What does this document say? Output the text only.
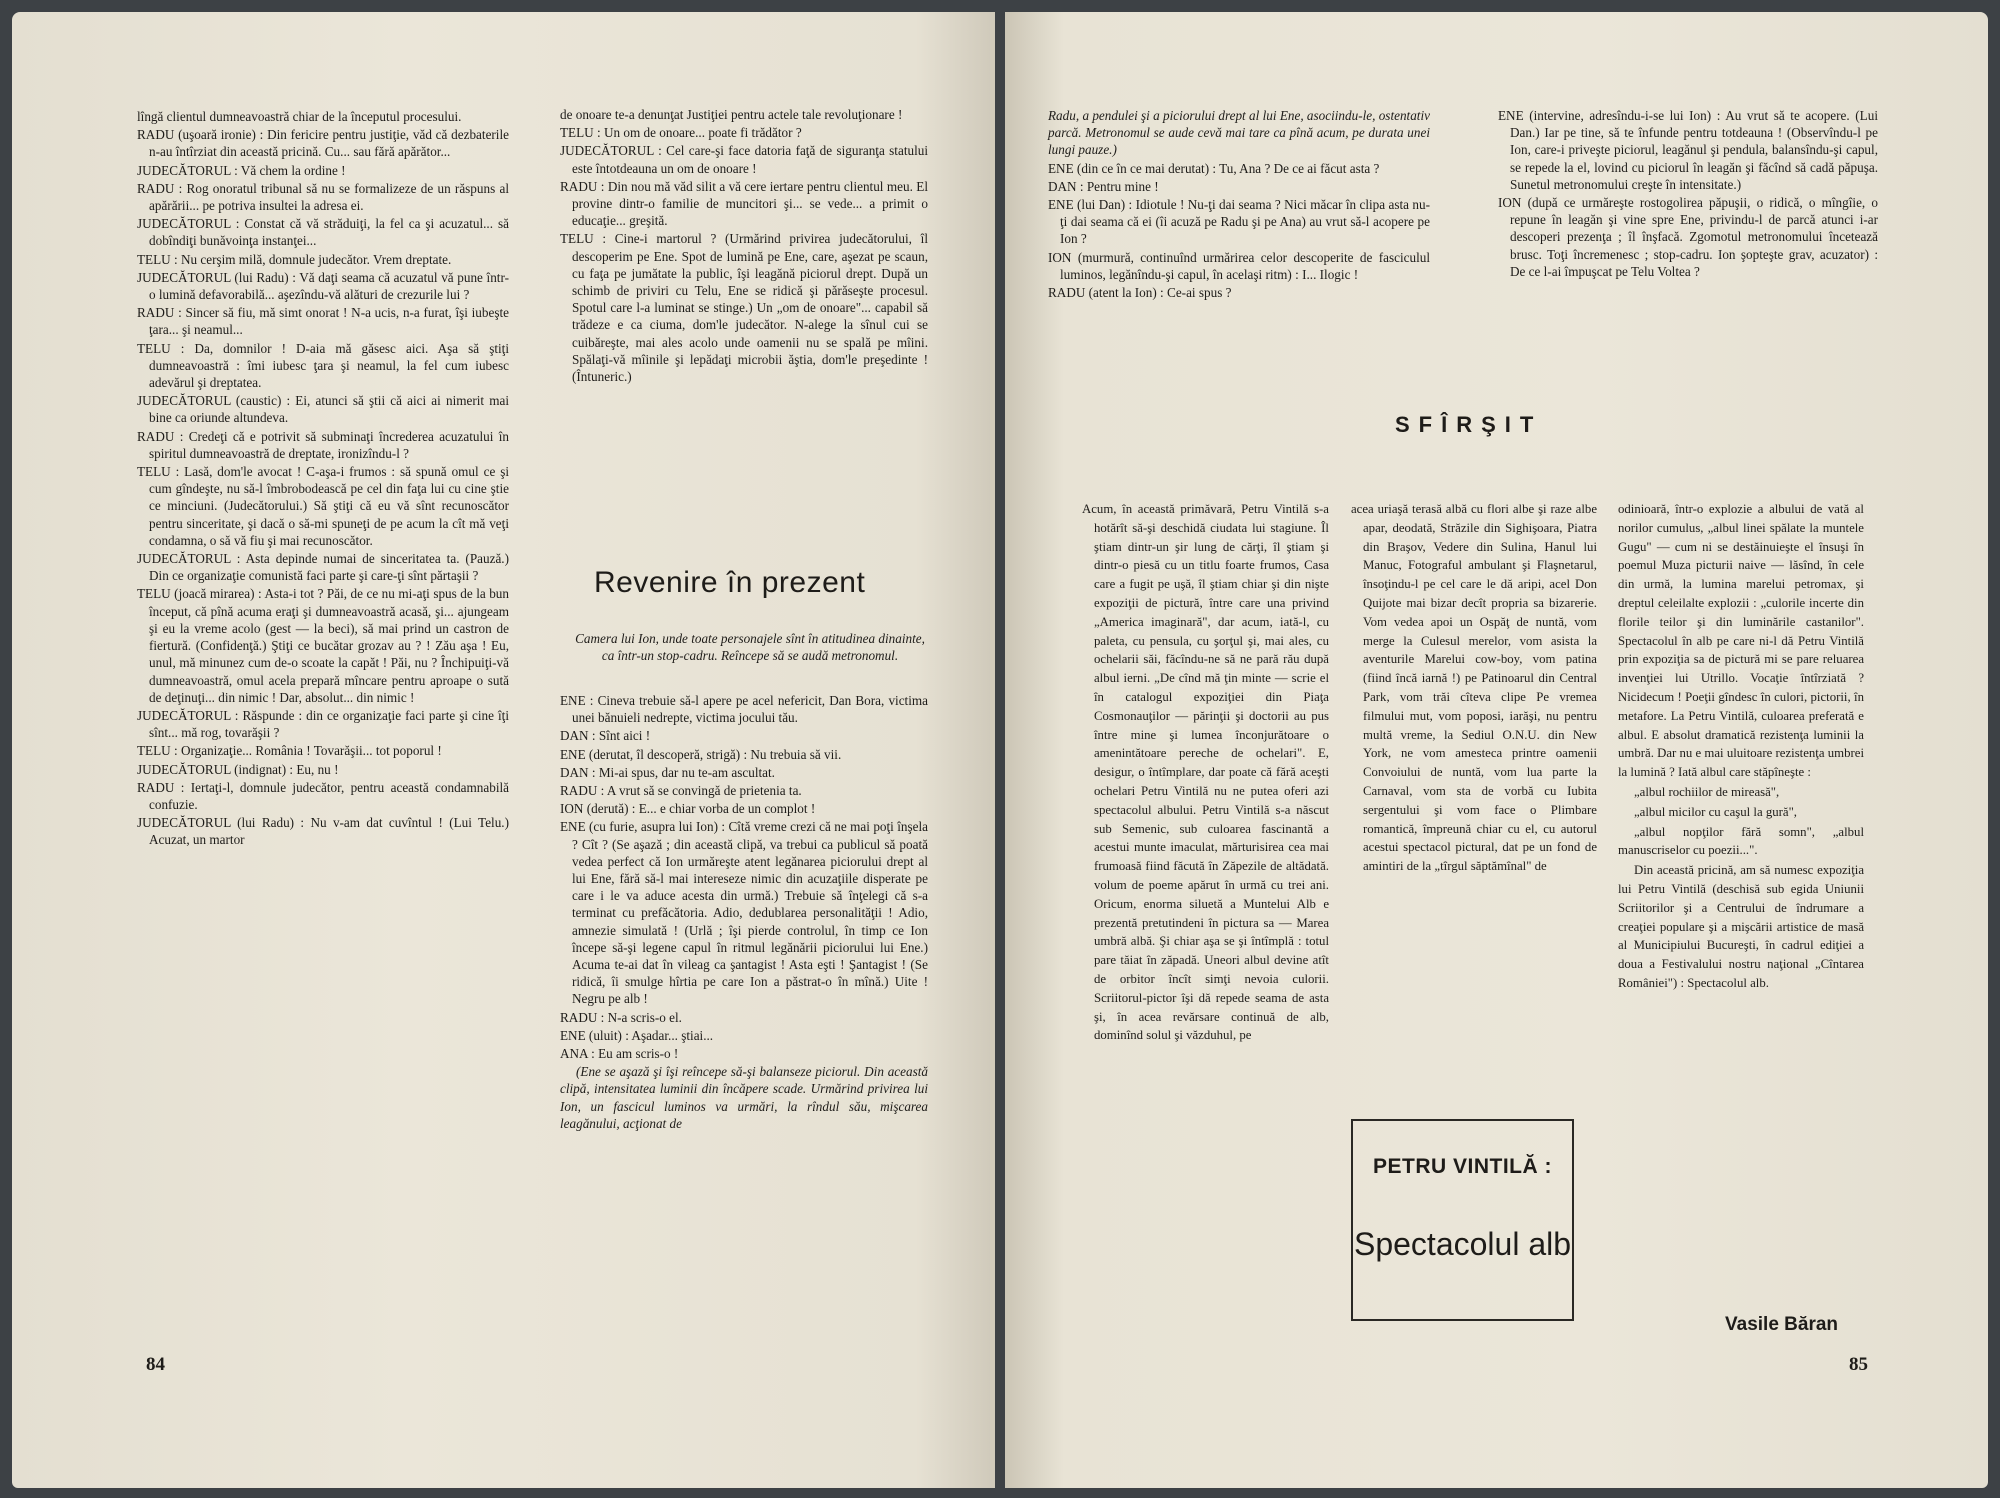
lîngă clientul dumneavoastră chiar de la începutul procesului.

RADU (uşoară ironie) : Din fericire pentru justiţie, văd că dezbaterile n-au întîrziat din această pricină. Cu... sau fără apărător...

JUDECĂTORUL : Vă chem la ordine !

RADU : Rog onoratul tribunal să nu se formalizeze de un răspuns al apărării... pe potriva insultei la adresa ei.

JUDECĂTORUL : Constat că vă străduiţi, la fel ca şi acuzatul... să dobîndiţi bunăvoinţa instanţei...

TELU : Nu cerşim milă, domnule judecător. Vrem dreptate.

JUDECĂTORUL (lui Radu) : Vă daţi seama că acuzatul vă pune într-o lumină defavorabilă... aşezîndu-vă alături de crezurile lui ?

RADU : Sincer să fiu, mă simt onorat ! N-a ucis, n-a furat, îşi iubeşte ţara... şi neamul...

TELU : Da, domnilor ! D-aia mă găsesc aici. Aşa să ştiţi dumneavoastră : îmi iubesc ţara şi neamul, la fel cum iubesc adevărul şi dreptatea.

JUDECĂTORUL (caustic) : Ei, atunci să ştii că aici ai nimerit mai bine ca oriunde altundeva.

RADU : Credeţi că e potrivit să subminaţi încrederea acuzatului în spiritul dumneavoastră de dreptate, ironizîndu-l ?

TELU : Lasă, dom'le avocat ! C-aşa-i frumos : să spună omul ce şi cum gîndeşte, nu să-l îmbrobodească pe cel din faţa lui cu cine ştie ce minciuni. (Judecătorului.) Să ştiţi că eu vă sînt recunoscător pentru sinceritate, şi dacă o să-mi spuneţi de pe acum la cît mă veţi condamna, o să vă fiu şi mai recunoscător.

JUDECĂTORUL : Asta depinde numai de sinceritatea ta. (Pauză.) Din ce organizaţie comunistă faci parte şi care-ţi sînt părtaşii ?

TELU (joacă mirarea) : Asta-i tot ? Păi, de ce nu mi-aţi spus de la bun început, că pînă acuma eraţi şi dumneavoastră acasă, şi... ajungeam şi eu la vreme acolo (gest — la beci), să mai prind un castron de fiertură. (Confidenţă.) Ştiţi ce bucătar grozav au ? ! Zău aşa ! Eu, unul, mă minunez cum de-o scoate la capăt ! Păi, nu ? Închipuiţi-vă dumneavoastră, omul acela prepară mîncare pentru aproape o sută de deţinuţi... din nimic ! Dar, absolut... din nimic !

JUDECĂTORUL : Răspunde : din ce organizaţie faci parte şi cine îţi sînt... mă rog, tovarăşii ?

TELU : Organizaţie... România ! Tovarăşii... tot poporul !

JUDECĂTORUL (indignat) : Eu, nu !

RADU : Iertaţi-l, domnule judecător, pentru această condamnabilă confuzie.

JUDECĂTORUL (lui Radu) : Nu v-am dat cuvîntul ! (Lui Telu.) Acuzat, un martor

de onoare te-a denunţat Justiţiei pentru actele tale revoluţionare !

TELU : Un om de onoare... poate fi trădător ?

JUDECĂTORUL : Cel care-şi face datoria faţă de siguranţa statului este întotdeauna un om de onoare !

RADU : Din nou mă văd silit a vă cere iertare pentru clientul meu. El provine dintr-o familie de muncitori şi... se vede... a primit o educaţie... greşită.

TELU : Cine-i martorul ? (Urmărind privirea judecătorului, îl descoperim pe Ene. Spot de lumină pe Ene, care, aşezat pe scaun, cu faţa pe jumătate la public, îşi leagănă piciorul drept. După un schimb de priviri cu Telu, Ene se ridică şi părăseşte procesul. Spotul care l-a luminat se stinge.) Un „om de onoare"... capabil să trădeze e ca ciuma, dom'le judecător. N-alege la sînul cui se cuibăreşte, mai ales acolo unde oamenii nu se spală pe mîini. Spălaţi-vă mîinile şi lepădaţi microbii ăştia, dom'le preşedinte ! (Întuneric.)

Revenire în prezent
Camera lui Ion, unde toate personajele sînt în atitudinea dinainte, ca într-un stop-cadru. Reîncepe să se audă metronomul.

ENE : Cineva trebuie să-l apere pe acel nefericit, Dan Bora, victima unei bănuieli nedrepte, victima jocului tău.

DAN : Sînt aici !

ENE (derutat, îl descoperă, strigă) : Nu trebuia să vii.

DAN : Mi-ai spus, dar nu te-am ascultat.

RADU : A vrut să se convingă de prietenia ta.

ION (derută) : E... e chiar vorba de un complot !

ENE (cu furie, asupra lui Ion) : Cîtă vreme crezi că ne mai poţi înşela ? Cît ? (Se aşază ; din această clipă, va trebui ca publicul să poată vedea perfect că Ion urmăreşte atent legănarea piciorului drept al lui Ene, fără să-l mai intereseze nimic din acuzaţiile disperate pe care i le va aduce acesta din urmă.) Trebuie să înţelegi că s-a terminat cu prefăcătoria. Adio, dedublarea personalităţii ! Adio, amnezie simulată ! (Urlă ; îşi pierde controlul, în timp ce Ion începe să-şi legene capul în ritmul legănării piciorului lui Ene.) Acuma te-ai dat în vileag ca şantagist ! Asta eşti ! Şantagist ! (Se ridică, îi smulge hîrtia pe care Ion a păstrat-o în mînă.) Uite ! Negru pe alb !

RADU : N-a scris-o el.

ENE (uluit) : Aşadar... ştiai...

ANA : Eu am scris-o !

(Ene se aşază şi îşi reîncepe să-şi balanseze piciorul. Din această clipă, intensitatea luminii din încăpere scade. Urmărind privirea lui Ion, un fascicul luminos va urmări, la rîndul său, mişcarea leagănului, acţionat de

84

Radu, a pendulei şi a piciorului drept al lui Ene, asociindu-le, ostentativ parcă. Metronomul se aude cevă mai tare ca pînă acum, pe durata unei lungi pauze.)

ENE (din ce în ce mai derutat) : Tu, Ana ? De ce ai făcut asta ?

DAN : Pentru mine !

ENE (lui Dan) : Idiotule ! Nu-ţi dai seama ? Nici măcar în clipa asta nu-ţi dai seama că ei (îi acuză pe Radu şi pe Ana) au vrut să-l acopere pe Ion ?

ION (murmură, continuînd urmărirea celor descoperite de fasciculul luminos, legănîndu-şi capul, în acelaşi ritm) : I... Ilogic !

RADU (atent la Ion) : Ce-ai spus ?

ENE (intervine, adresîndu-i-se lui Ion) : Au vrut să te acopere. (Lui Dan.) Iar pe tine, să te înfunde pentru totdeauna ! (Observîndu-l pe Ion, care-i priveşte piciorul, leagănul şi pendula, balansîndu-şi capul, se repede la el, lovind cu piciorul în leagăn şi făcînd să cadă păpuşa. Sunetul metronomului creşte în intensitate.)

ION (după ce urmăreşte rostogolirea păpuşii, o ridică, o mîngîie, o repune în leagăn şi vine spre Ene, privindu-l de parcă atunci i-ar descoperi prezenţa ; îl înşfacă. Zgomotul metronomului încetează brusc. Toţi încremenesc ; stop-cadru. Ion şopteşte grav, acuzator) : De ce l-ai împuşcat pe Telu Voltea ?

SFÎRŞIT

Acum, în această primăvară, Petru Vintilă s-a hotărît să-şi deschidă ciudata lui stagiune. Îl ştiam dintr-un şir lung de cărţi, îl ştiam şi dintr-o piesă cu un titlu foarte frumos, Casa care a fugit pe uşă, îl ştiam chiar şi din nişte expoziţii de pictură, între care una privind „America imaginară", dar acum, iată-l, cu paleta, cu pensula, cu şorţul şi, mai ales, cu ochelarii săi, făcîndu-ne să ne pară rău după albul ierni. „De cînd mă ţin minte — scrie el în catalogul expoziţiei din Piaţa Cosmonauţilor — părinţii şi doctorii au pus între mine şi lumea înconjurătoare o amenintătoare pereche de ochelari". E, desigur, o întîmplare, dar poate că fără aceşti ochelari Petru Vintilă nu ne putea oferi azi spectacolul albului. Petru Vintilă s-a născut sub Semenic, sub culoarea fascinantă a acestui munte imaculat, mărturisirea cea mai frumoasă fiind făcută în Zăpezile de altădată. volum de poeme apărut în urmă cu trei ani. Oricum, enorma siluetă a Muntelui Alb e prezentă pretutindeni în pictura sa — Marea umbră albă. Şi chiar aşa se şi întîmplă : totul pare tăiat în zăpadă. Uneori albul devine atît de orbitor încît simţi nevoia culorii. Scriitorul-pictor îşi dă repede seama de asta şi, în acea revărsare continuă de alb, dominînd solul şi văzduhul, pe

acea uriaşă terasă albă cu flori albe şi raze albe apar, deodată, Străzile din Sighişoara, Piatra din Braşov, Vedere din Sulina, Hanul lui Manuc, Fotograful ambulant şi Flaşnetarul, însoţindu-l pe cel care le dă aripi, acel Don Quijote mai bizar decît propria sa bizarerie. Vom vedea apoi un Ospăţ de nuntă, vom merge la Culesul merelor, vom asista la aventurile Marelui cow-boy, vom patina (fiind încă iarnă !) pe Patinoarul din Central Park, vom trăi cîteva clipe Pe vremea filmului mut, vom poposi, iarăşi, nu pentru multă vreme, la Sediul O.N.U. din New York, ne vom amesteca printre oamenii Convoiului de nuntă, vom lua parte la Carnaval, vom sta de vorbă cu Iubita sergentului şi vom face o Plimbare romantică, împreună chiar cu el, cu autorul acestui spectacol pictural, dat pe un fond de amintiri de la „tîrgul săptămînal" de

odinioară, într-o explozie a albului de vată al norilor cumulus, „albul linei spălate la muntele Gugu" — cum ni se destăinuieşte el însuşi în poemul Muza picturii naive — lăsînd, în cele din urmă, la lumina marelui petromax, şi dreptul celeilalte explozii : „culorile incerte din florile teilor şi din luminările castanilor". Spectacolul în alb pe care ni-l dă Petru Vintilă prin expoziţia sa de pictură mi se pare reluarea invenţiei lui Utrillo. Vocaţie întîrziată ? Nicidecum ! Poeţii gîndesc în culori, pictorii, în metafore. La Petru Vintilă, culoarea preferată e albul. E absolut dramatică rezistenţa luminii la umbră. Dar nu e mai uluitoare rezistenţa umbrei la lumină ? Iată albul care stăpîneşte :

„albul rochiilor de mireasă",

„albul micilor cu caşul la gură",

„albul nopţilor fără somn", „albul manuscriselor cu poezii...".

Din această pricină, am să numesc expoziţia lui Petru Vintilă (deschisă sub egida Uniunii Scriitorilor şi a Centrului de îndrumare a creaţiei populare şi a mişcării artistice de masă al Municipiului Bucureşti, în cadrul ediţiei a doua a Festivalului nostru naţional „Cîntarea României") : Spectacolul alb.

PETRU VINTILĂ :
Spectacolul alb
Vasile Băran
85
